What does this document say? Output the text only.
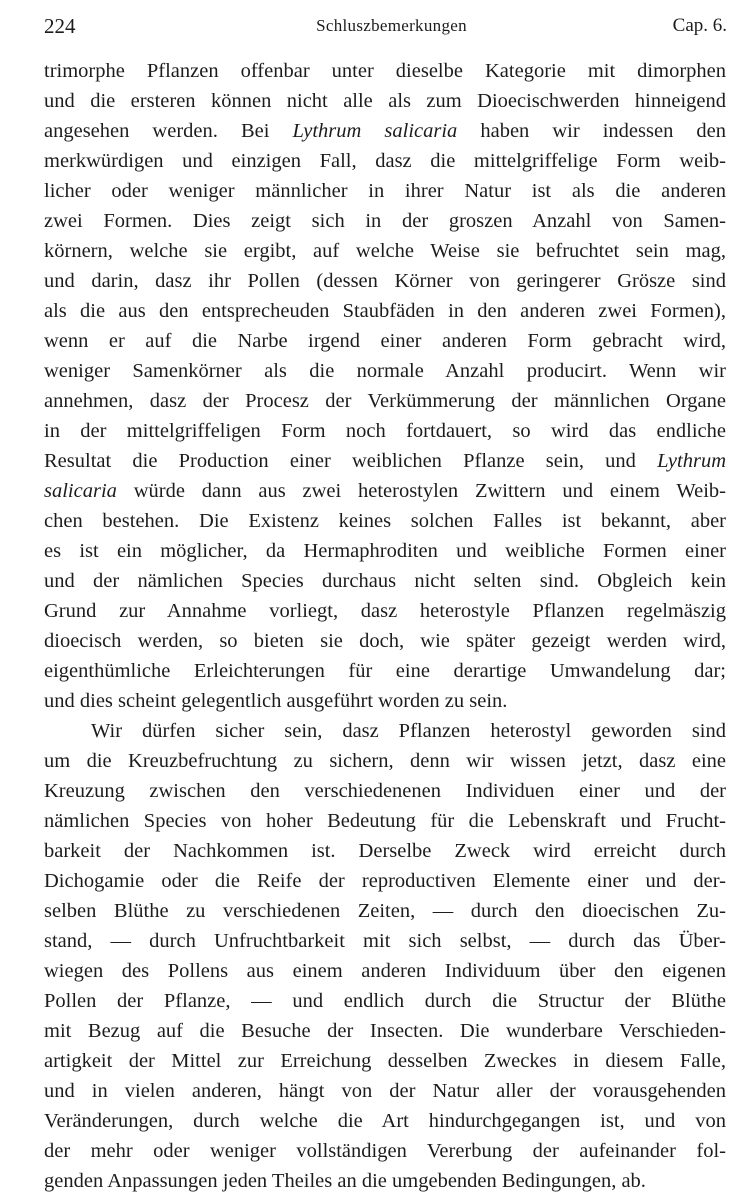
224	Schluszbemerkungen	Cap. 6.
trimorphe Pflanzen offenbar unter dieselbe Kategorie mit dimorphen
und die ersteren können nicht alle als zum Dioecischwerden hinneigend
angesehen werden. Bei Lythrum salicaria haben wir indessen den
merkwürdigen und einzigen Fall, dasz die mittelgriffelige Form weib-
licher oder weniger männlicher in ihrer Natur ist als die anderen
zwei Formen. Dies zeigt sich in der groszen Anzahl von Samen-
körnern, welche sie ergibt, auf welche Weise sie befruchtet sein mag,
und darin, dasz ihr Pollen (dessen Körner von geringerer Grösze sind
als die aus den entsprecheuden Staubfäden in den anderen zwei Formen),
wenn er auf die Narbe irgend einer anderen Form gebracht wird,
weniger Samenkörner als die normale Anzahl producirt. Wenn wir
annehmen, dasz der Procesz der Verkümmerung der männlichen Organe
in der mittelgriffeligen Form noch fortdauert, so wird das endliche
Resultat die Production einer weiblichen Pflanze sein, und Lythrum
salicaria würde dann aus zwei heterostylen Zwittern und einem Weib-
chen bestehen. Die Existenz keines solchen Falles ist bekannt, aber
es ist ein möglicher, da Hermaphroditen und weibliche Formen einer
und der nämlichen Species durchaus nicht selten sind. Obgleich kein
Grund zur Annahme vorliegt, dasz heterostyle Pflanzen regelmäszig
dioecisch werden, so bieten sie doch, wie später gezeigt werden wird,
eigenthümliche Erleichterungen für eine derartige Umwandelung dar;
und dies scheint gelegentlich ausgeführt worden zu sein.
Wir dürfen sicher sein, dasz Pflanzen heterostyl geworden sind
um die Kreuzbefruchtung zu sichern, denn wir wissen jetzt, dasz eine
Kreuzung zwischen den verschiedenenen Individuen einer und der
nämlichen Species von hoher Bedeutung für die Lebenskraft und Frucht-
barkeit der Nachkommen ist. Derselbe Zweck wird erreicht durch
Dichogamie oder die Reife der reproductiven Elemente einer und der-
selben Blüthe zu verschiedenen Zeiten, — durch den dioecischen Zu-
stand, — durch Unfruchtbarkeit mit sich selbst, — durch das Über-
wiegen des Pollens aus einem anderen Individuum über den eigenen
Pollen der Pflanze, — und endlich durch die Structur der Blüthe
mit Bezug auf die Besuche der Insecten. Die wunderbare Verschieden-
artigkeit der Mittel zur Erreichung desselben Zweckes in diesem Falle,
und in vielen anderen, hängt von der Natur aller der vorausgehenden
Veränderungen, durch welche die Art hindurchgegangen ist, und von
der mehr oder weniger vollständigen Vererbung der aufeinander fol-
genden Anpassungen jeden Theiles an die umgebenden Bedingungen, ab.
